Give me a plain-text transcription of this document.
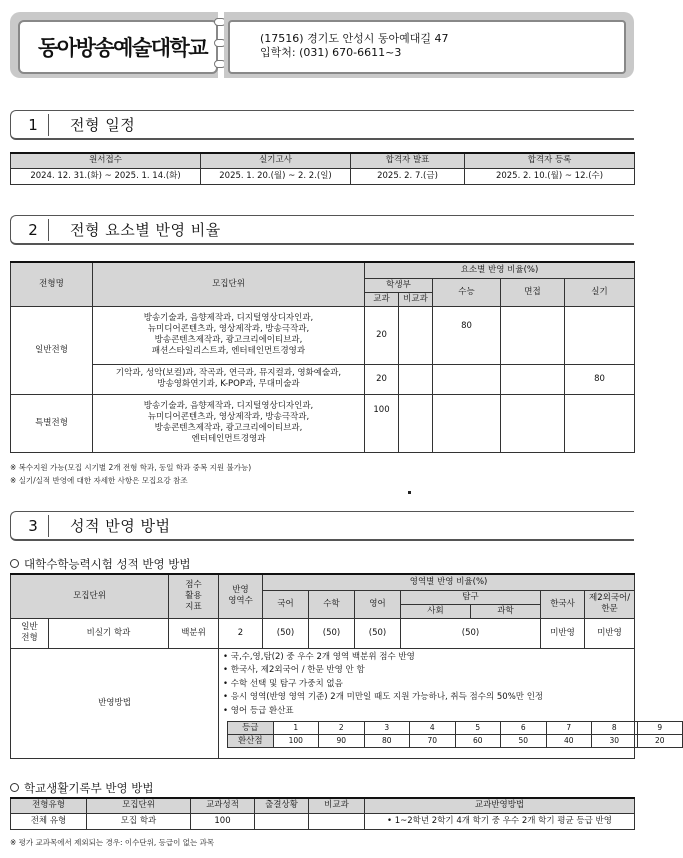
동아방송예술대학교	(17516) 경기도 안성시 동아예대길 47
입학처: (031) 670-6611~3
1	전형 일정
원서접수	실기고사	합격자 발표	합격자 등록
2024. 12. 31.(화) ~ 2025. 1. 14.(화)	2025. 1. 20.(월) ~ 2. 2.(일)	2025. 2. 7.(금)	2025. 2. 10.(월) ~ 12.(수)
2	전형 요소별 반영 비율
전형명	모집단위	요소별 반영 비율(%)				
		학생부		수능	면접	실기
		교과	비교과			
일반전형	방송기술과, 음향제작과, 디지털영상디자인과,
뉴미디어콘텐츠과, 영상제작과, 방송극작과,
방송콘텐츠제작과, 광고크리에이티브과,
패션스타일리스트과, 엔터테인먼트경영과	20		80		
	기악과, 성악(보컬)과, 작곡과, 연극과, 뮤지컬과, 영화예술과,
방송영화연기과, K-POP과, 무대미술과	20				80
특별전형	방송기술과, 음향제작과, 디지털영상디자인과,
뉴미디어콘텐츠과, 영상제작과, 방송극작과,
방송콘텐츠제작과, 광고크리에이티브과,
엔터테인먼트경영과	100				
※ 복수지원 가능(모집 시기별 2개 전형 학과, 동일 학과 중복 지원 불가능)
※ 실기/실적 반영에 대한 자세한 사항은 모집요강 참조
3	성적 반영 방법
대학수학능력시험 성적 반영 방법
모집단위	점수
활용
지표	반영
영역수	영역별 반영 비율(%)
국어	수학	영어	탐구	한국사	제2외국어/
한문
사회	과학
일반
전형	비실기 학과	백분위	2	(50)	(50)	(50)	(50)	미반영	미반영
반영방법	
• 국,수,영,탐(2) 중 우수 2개 영역 백분위 점수 반영
• 한국사, 제2외국어 / 한문 반영 안 함
• 수학 선택 및 탐구 가중치 없음
• 응시 영역(반영 영역 기준) 2개 미만일 때도 지원 가능하나, 취득 점수의 50%만 인정
• 영어 등급 환산표
등급	1	2	3	4	5	6	7	8	9
환산점	100	90	80	70	60	50	40	30	20
학교생활기록부 반영 방법
전형유형	모집단위	교과성적	출결상황	비교과	교과반영방법
전체 유형	모집 학과	100			• 1~2학년 2학기 4개 학기 중 우수 2개 학기 평균 등급 반영
※ 평가 교과목에서 제외되는 경우: 이수단위, 등급이 없는 과목
